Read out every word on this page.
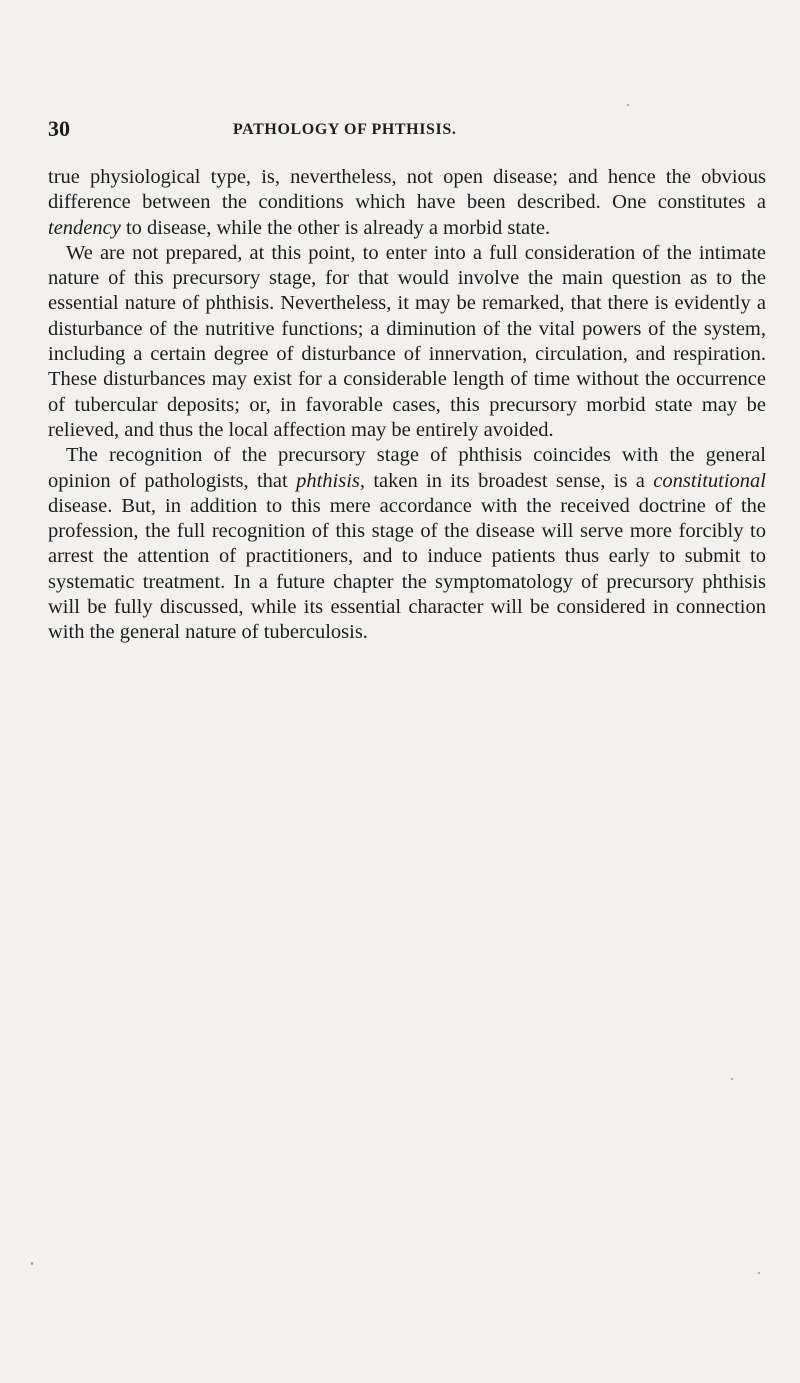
30	PATHOLOGY OF PHTHISIS.

true physiological type, is, nevertheless, not open disease; and hence the obvious difference between the conditions which have been described. One constitutes a tendency to disease, while the other is already a morbid state.

We are not prepared, at this point, to enter into a full consideration of the intimate nature of this precursory stage, for that would involve the main question as to the essential nature of phthisis. Nevertheless, it may be remarked, that there is evidently a disturbance of the nutritive functions; a diminution of the vital powers of the system, including a certain degree of disturbance of innervation, circulation, and respiration. These disturbances may exist for a considerable length of time without the occurrence of tubercular deposits; or, in favorable cases, this precursory morbid state may be relieved, and thus the local affection may be entirely avoided.

The recognition of the precursory stage of phthisis coincides with the general opinion of pathologists, that phthisis, taken in its broadest sense, is a constitutional disease. But, in addition to this mere accordance with the received doctrine of the profession, the full recognition of this stage of the disease will serve more forcibly to arrest the attention of practitioners, and to induce patients thus early to submit to systematic treatment. In a future chapter the symptomatology of precursory phthisis will be fully discussed, while its essential character will be considered in connection with the general nature of tuberculosis.
